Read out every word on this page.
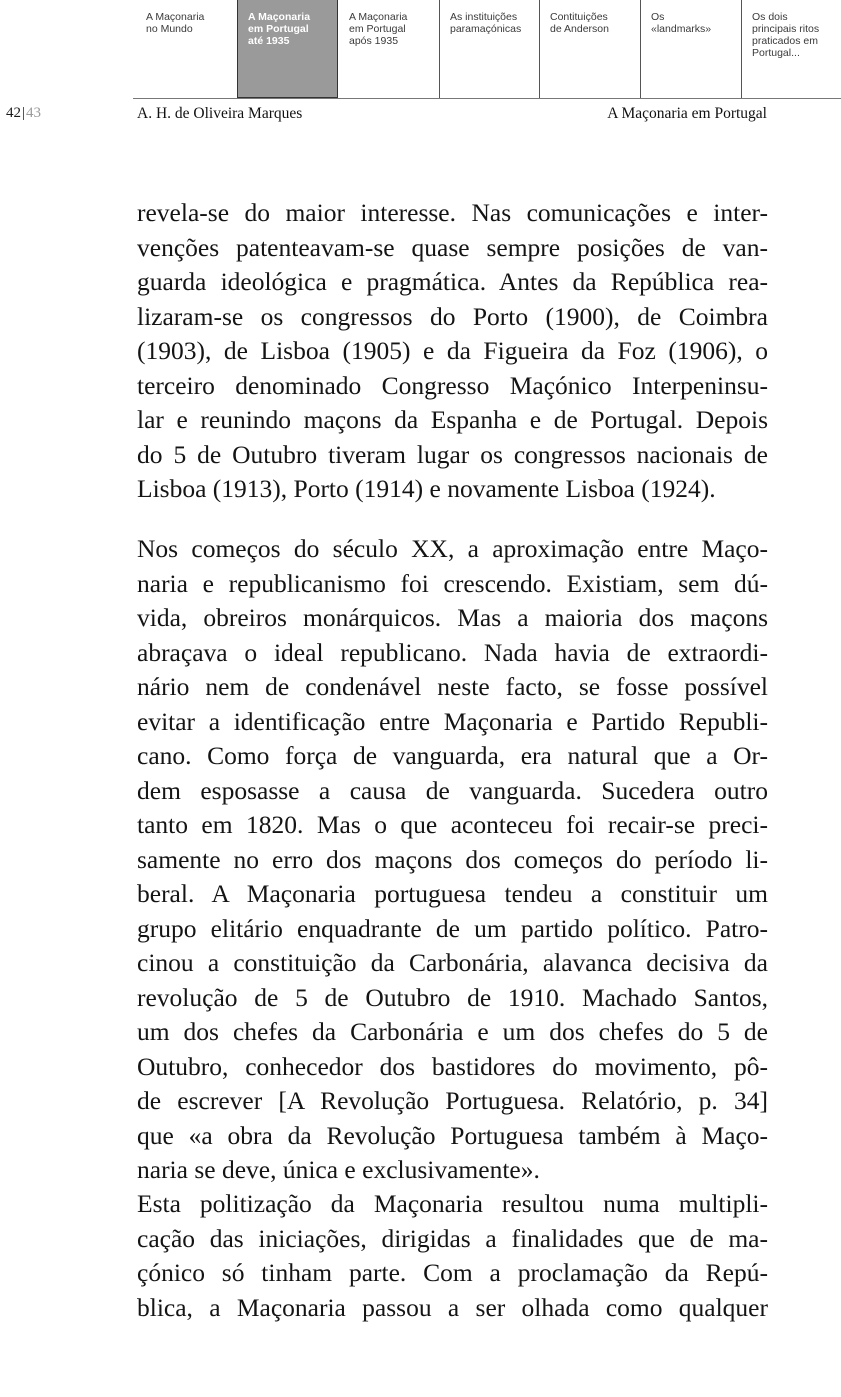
A Maçonaria
no Mundo
A Maçonaria
em Portugal
até 1935
A Maçonaria
em Portugal
após 1935
As instituições
paramaçónicas
Contituições
de Anderson
Os
«landmarks»
Os dois
principais ritos
praticados em
Portugal...
42|43	A. H. de Oliveira Marques	A Maçonaria em Portugal
revela-se do maior interesse. Nas comunicações e inter-
venções patenteavam-se quase sempre posições de van-
guarda ideológica e pragmática. Antes da República rea-
lizaram-se os congressos do Porto (1900), de Coimbra
(1903), de Lisboa (1905) e da Figueira da Foz (1906), o
terceiro denominado Congresso Maçónico Interpeninsu-
lar e reunindo maçons da Espanha e de Portugal. Depois
do 5 de Outubro tiveram lugar os congressos nacionais de
Lisboa (1913), Porto (1914) e novamente Lisboa (1924).
Nos começos do século XX, a aproximação entre Maço-
naria e republicanismo foi crescendo. Existiam, sem dú-
vida, obreiros monárquicos. Mas a maioria dos maçons
abraçava o ideal republicano. Nada havia de extraordi-
nário nem de condenável neste facto, se fosse possível
evitar a identificação entre Maçonaria e Partido Republi-
cano. Como força de vanguarda, era natural que a Or-
dem esposasse a causa de vanguarda. Sucedera outro
tanto em 1820. Mas o que aconteceu foi recair-se preci-
samente no erro dos maçons dos começos do período li-
beral. A Maçonaria portuguesa tendeu a constituir um
grupo elitário enquadrante de um partido político. Patro-
cinou a constituição da Carbonária, alavanca decisiva da
revolução de 5 de Outubro de 1910. Machado Santos,
um dos chefes da Carbonária e um dos chefes do 5 de
Outubro, conhecedor dos bastidores do movimento, pô-
de escrever [A Revolução Portuguesa. Relatório, p. 34]
que «a obra da Revolução Portuguesa também à Maço-
naria se deve, única e exclusivamente».
Esta politização da Maçonaria resultou numa multipli-
cação das iniciações, dirigidas a finalidades que de ma-
çónico só tinham parte. Com a proclamação da Repú-
blica, a Maçonaria passou a ser olhada como qualquer
